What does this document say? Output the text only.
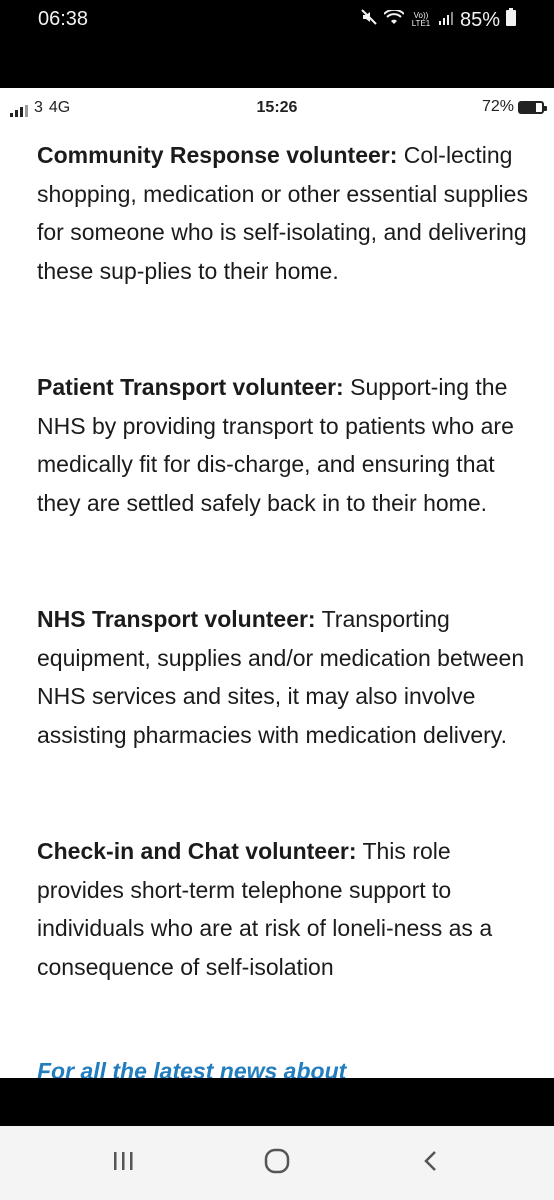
06:38	Vo))
LTE1 85%
3 4G	15:26	72%

Community Response volunteer: Col-lecting shopping, medication or other essential supplies for someone who is self-isolating, and delivering these sup-plies to their home.

Patient Transport volunteer: Support-ing the NHS by providing transport to patients who are medically fit for dis-charge, and ensuring that they are settled safely back in to their home.

NHS Transport volunteer: Transporting equipment, supplies and/or medication between NHS services and sites, it may also involve assisting pharmacies with medication delivery.

Check-in and Chat volunteer: This role provides short-term telephone support to individuals who are at risk of loneli-ness as a consequence of self-isolation

For all the latest news about
